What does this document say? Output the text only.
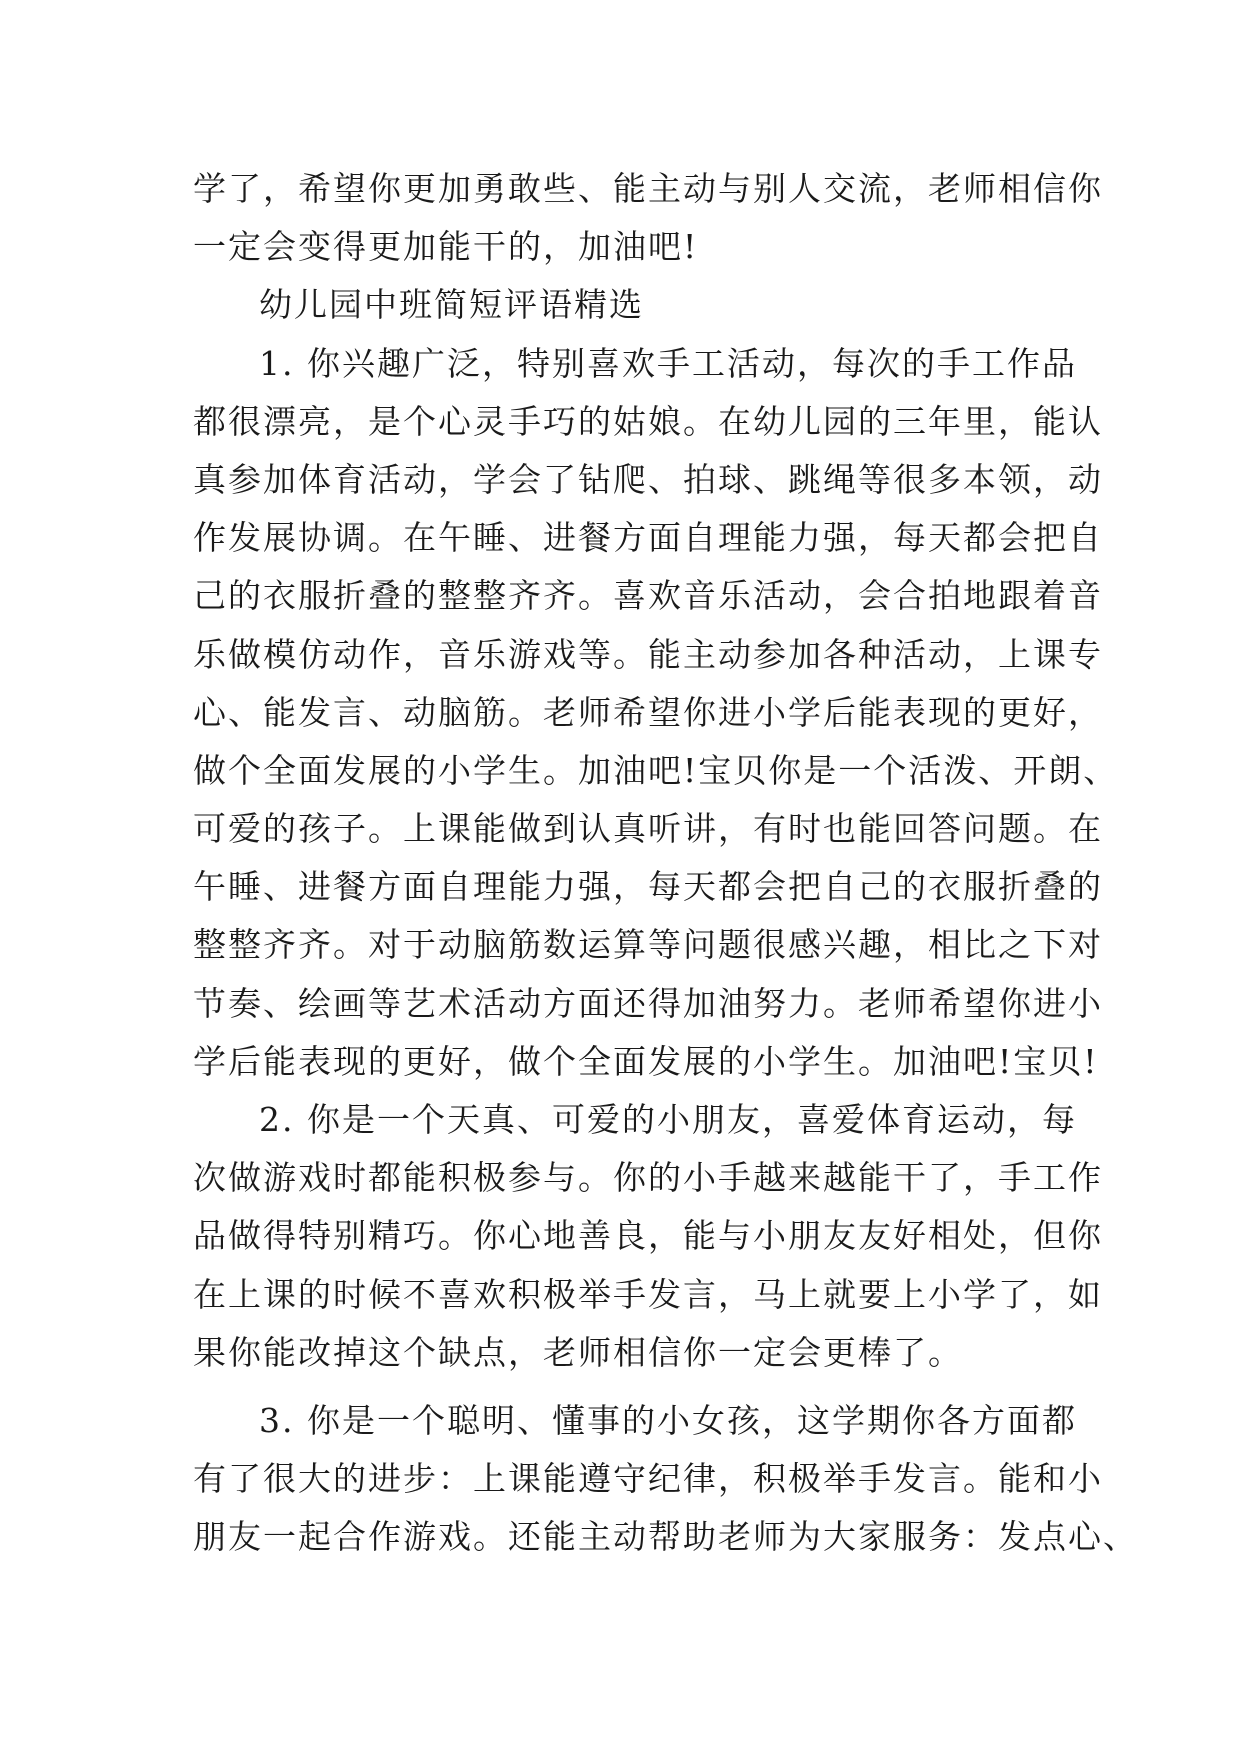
学了，希望你更加勇敢些、能主动与别人交流，老师相信你
一定会变得更加能干的，加油吧!
幼儿园中班简短评语精选
1. 你兴趣广泛，特别喜欢手工活动，每次的手工作品
都很漂亮，是个心灵手巧的姑娘。在幼儿园的三年里，能认
真参加体育活动，学会了钻爬、拍球、跳绳等很多本领，动
作发展协调。在午睡、进餐方面自理能力强，每天都会把自
己的衣服折叠的整整齐齐。喜欢音乐活动，会合拍地跟着音
乐做模仿动作，音乐游戏等。能主动参加各种活动，上课专
心、能发言、动脑筋。老师希望你进小学后能表现的更好，
做个全面发展的小学生。加油吧!宝贝你是一个活泼、开朗、
可爱的孩子。上课能做到认真听讲，有时也能回答问题。在
午睡、进餐方面自理能力强，每天都会把自己的衣服折叠的
整整齐齐。对于动脑筋数运算等问题很感兴趣，相比之下对
节奏、绘画等艺术活动方面还得加油努力。老师希望你进小
学后能表现的更好，做个全面发展的小学生。加油吧!宝贝!
2. 你是一个天真、可爱的小朋友，喜爱体育运动，每
次做游戏时都能积极参与。你的小手越来越能干了，手工作
品做得特别精巧。你心地善良，能与小朋友友好相处，但你
在上课的时候不喜欢积极举手发言，马上就要上小学了，如
果你能改掉这个缺点，老师相信你一定会更棒了。
3. 你是一个聪明、懂事的小女孩，这学期你各方面都
有了很大的进步：上课能遵守纪律，积极举手发言。能和小
朋友一起合作游戏。还能主动帮助老师为大家服务：发点心、
